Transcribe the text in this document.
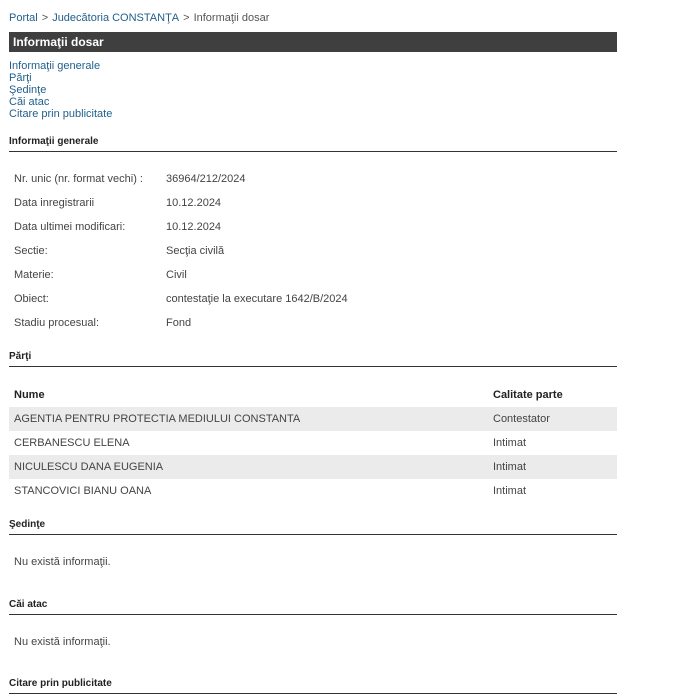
Portal > Judecătoria CONSTANŢA > Informaţii dosar
Informaţii dosar
Informaţii generale
Părţi
Şedinţe
Căi atac
Citare prin publicitate
Informaţii generale
Nr. unic (nr. format vechi) : 36964/212/2024
Data inregistrarii	10.12.2024
Data ultimei modificari:	10.12.2024
Sectie:	Secţia civilă
Materie:	Civil
Obiect:	contestaţie la executare 1642/B/2024
Stadiu procesual:	Fond
Părţi
Nume	Calitate parte
AGENTIA PENTRU PROTECTIA MEDIULUI CONSTANTA	Contestator
CERBANESCU ELENA	Intimat
NICULESCU DANA EUGENIA	Intimat
STANCOVICI BIANU OANA	Intimat
Şedinţe
Nu există informaţii.
Căi atac
Nu există informaţii.
Citare prin publicitate
